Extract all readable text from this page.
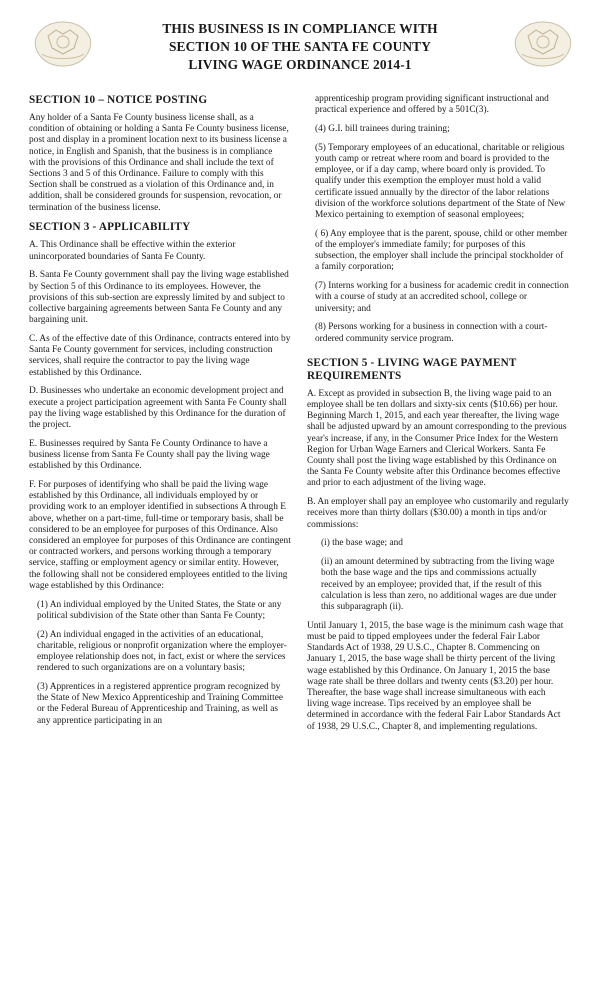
THIS BUSINESS IS IN COMPLIANCE WITH
SECTION 10 OF THE SANTA FE COUNTY
LIVING WAGE ORDINANCE 2014-1
SECTION 10 – NOTICE POSTING
Any holder of a Santa Fe County business license shall, as a condition of obtaining or holding a Santa Fe County business license, post and display in a prominent location next to its business license a notice, in English and Spanish, that the business is in compliance with the provisions of this Ordinance and shall include the text of Sections 3 and 5 of this Ordinance. Failure to comply with this Section shall be construed as a violation of this Ordinance and, in addition, shall be considered grounds for suspension, revocation, or termination of the business license.
SECTION 3 - APPLICABILITY
A. This Ordinance shall be effective within the exterior unincorporated boundaries of Santa Fe County.
B. Santa Fe County government shall pay the living wage established by Section 5 of this Ordinance to its employees. However, the provisions of this sub-section are expressly limited by and subject to collective bargaining agreements between Santa Fe County and any bargaining unit.
C. As of the effective date of this Ordinance, contracts entered into by Santa Fe County government for services, including construction services, shall require the contractor to pay the living wage established by this Ordinance.
D. Businesses who undertake an economic development project and execute a project participation agreement with Santa Fe County shall pay the living wage established by this Ordinance for the duration of the project.
E. Businesses required by Santa Fe County Ordinance to have a business license from Santa Fe County shall pay the living wage established by this Ordinance.
F. For purposes of identifying who shall be paid the living wage established by this Ordinance, all individuals employed by or providing work to an employer identified in subsections A through E above, whether on a part-time, full-time or temporary basis, shall be considered to be an employee for purposes of this Ordinance. Also considered an employee for purposes of this Ordinance are contingent or contracted workers, and persons working through a temporary service, staffing or employment agency or similar entity. However, the following shall not be considered employees entitled to the living wage established by this Ordinance:
(1) An individual employed by the United States, the State or any political subdivision of the State other than Santa Fe County;
(2) An individual engaged in the activities of an educational, charitable, religious or nonprofit organization where the employer-employee relationship does not, in fact, exist or where the services rendered to such organizations are on a voluntary basis;
(3) Apprentices in a registered apprentice program recognized by the State of New Mexico Apprenticeship and Training Committee or the Federal Bureau of Apprenticeship and Training, as well as any apprentice participating in an
apprenticeship program providing significant instructional and practical experience and offered by a 501C(3).
(4) G.I. bill trainees during training;
(5) Temporary employees of an educational, charitable or religious youth camp or retreat where room and board is provided to the employee, or if a day camp, where board only is provided. To qualify under this exemption the employer must hold a valid certificate issued annually by the director of the labor relations division of the workforce solutions department of the State of New Mexico pertaining to exemption of seasonal employees;
( 6) Any employee that is the parent, spouse, child or other member of the employer's immediate family; for purposes of this subsection, the employer shall include the principal stockholder of a family corporation;
(7) Interns working for a business for academic credit in connection with a course of study at an accredited school, college or university; and
(8) Persons working for a business in connection with a court-ordered community service program.
SECTION 5 - LIVING WAGE PAYMENT REQUIREMENTS
A. Except as provided in subsection B, the living wage paid to an employee shall be ten dollars and sixty-six cents ($10.66) per hour. Beginning March 1, 2015, and each year thereafter, the living wage shall be adjusted upward by an amount corresponding to the previous year's increase, if any, in the Consumer Price Index for the Western Region for Urban Wage Earners and Clerical Workers. Santa Fe County shall post the living wage established by this Ordinance on the Santa Fe County website after this Ordinance becomes effective and prior to each adjustment of the living wage.
B. An employer shall pay an employee who customarily and regularly receives more than thirty dollars ($30.00) a month in tips and/or commissions:
(i) the base wage; and
(ii) an amount determined by subtracting from the living wage both the base wage and the tips and commissions actually received by an employee; provided that, if the result of this calculation is less than zero, no additional wages are due under this subparagraph (ii).
Until January 1, 2015, the base wage is the minimum cash wage that must be paid to tipped employees under the federal Fair Labor Standards Act of 1938, 29 U.S.C., Chapter 8. Commencing on January 1, 2015, the base wage shall be thirty percent of the living wage established by this Ordinance. On January 1, 2015 the base wage rate shall be three dollars and twenty cents ($3.20) per hour. Thereafter, the base wage shall increase simultaneous with each living wage increase. Tips received by an employee shall be determined in accordance with the federal Fair Labor Standards Act of 1938, 29 U.S.C., Chapter 8, and implementing regulations.
